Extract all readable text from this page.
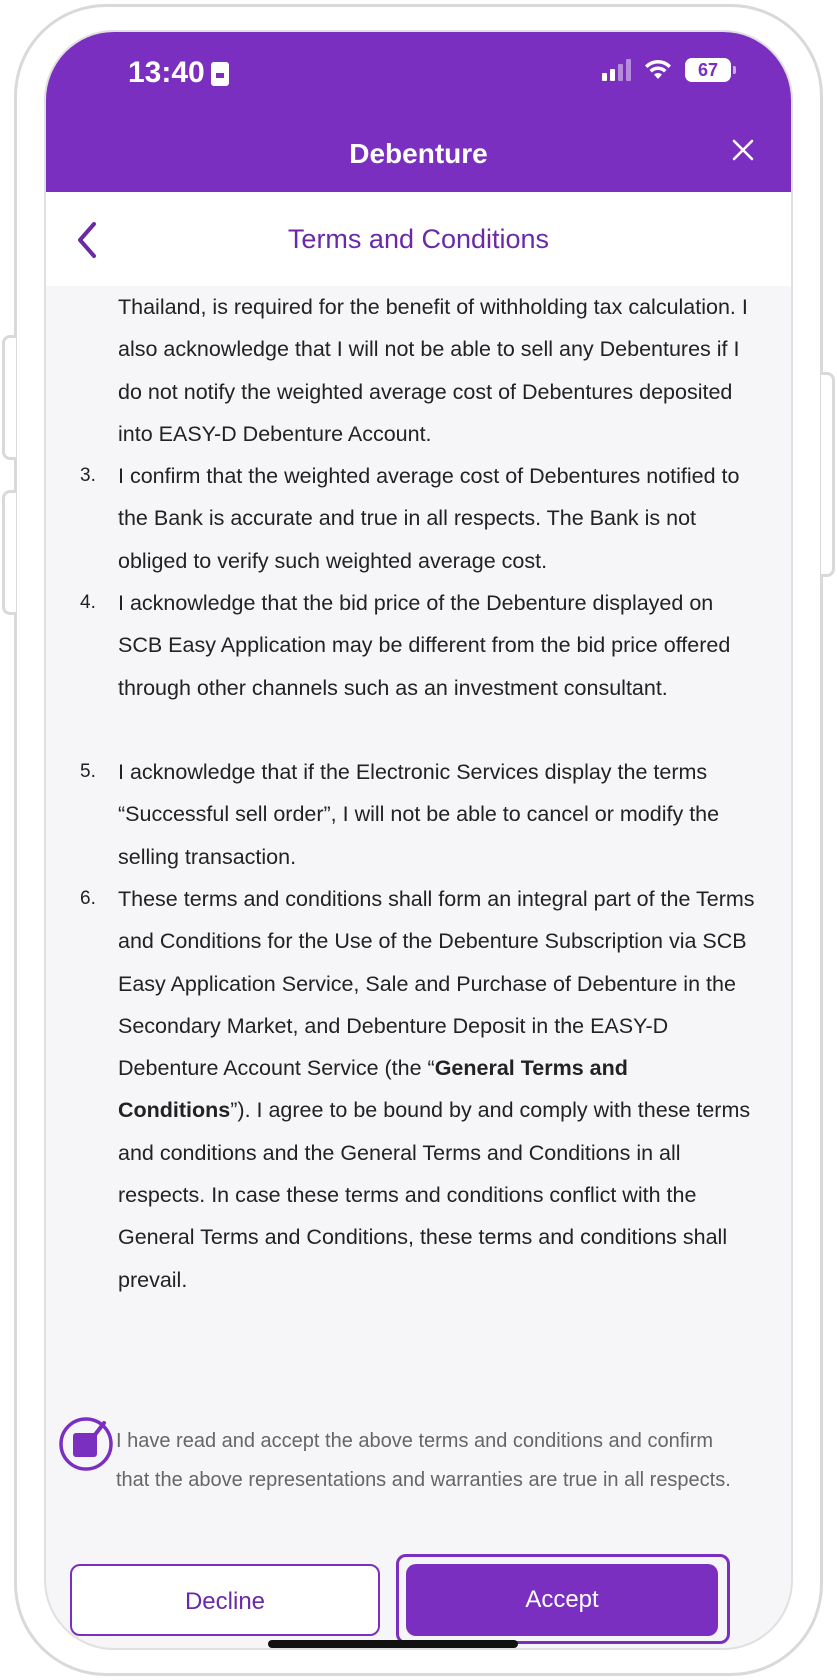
13:40	67
Debenture
Terms and Conditions
Thailand, is required for the benefit of withholding tax calculation. I also acknowledge that I will not be able to sell any Debentures if I do not notify the weighted average cost of Debentures deposited into EASY-D Debenture Account.
3.	I confirm that the weighted average cost of Debentures notified to the Bank is accurate and true in all respects. The Bank is not obliged to verify such weighted average cost.
4.	I acknowledge that the bid price of the Debenture displayed on SCB Easy Application may be different from the bid price offered through other channels such as an investment consultant.
5.	I acknowledge that if the Electronic Services display the terms “Successful sell order”, I will not be able to cancel or modify the selling transaction.
6.	These terms and conditions shall form an integral part of the Terms and Conditions for the Use of the Debenture Subscription via SCB Easy Application Service, Sale and Purchase of Debenture in the Secondary Market, and Debenture Deposit in the EASY-D Debenture Account Service (the “General Terms and Conditions”). I agree to be bound by and comply with these terms and conditions and the General Terms and Conditions in all respects. In case these terms and conditions conflict with the General Terms and Conditions, these terms and conditions shall prevail.
I have read and accept the above terms and conditions and confirm that the above representations and warranties are true in all respects.
Decline	Accept
